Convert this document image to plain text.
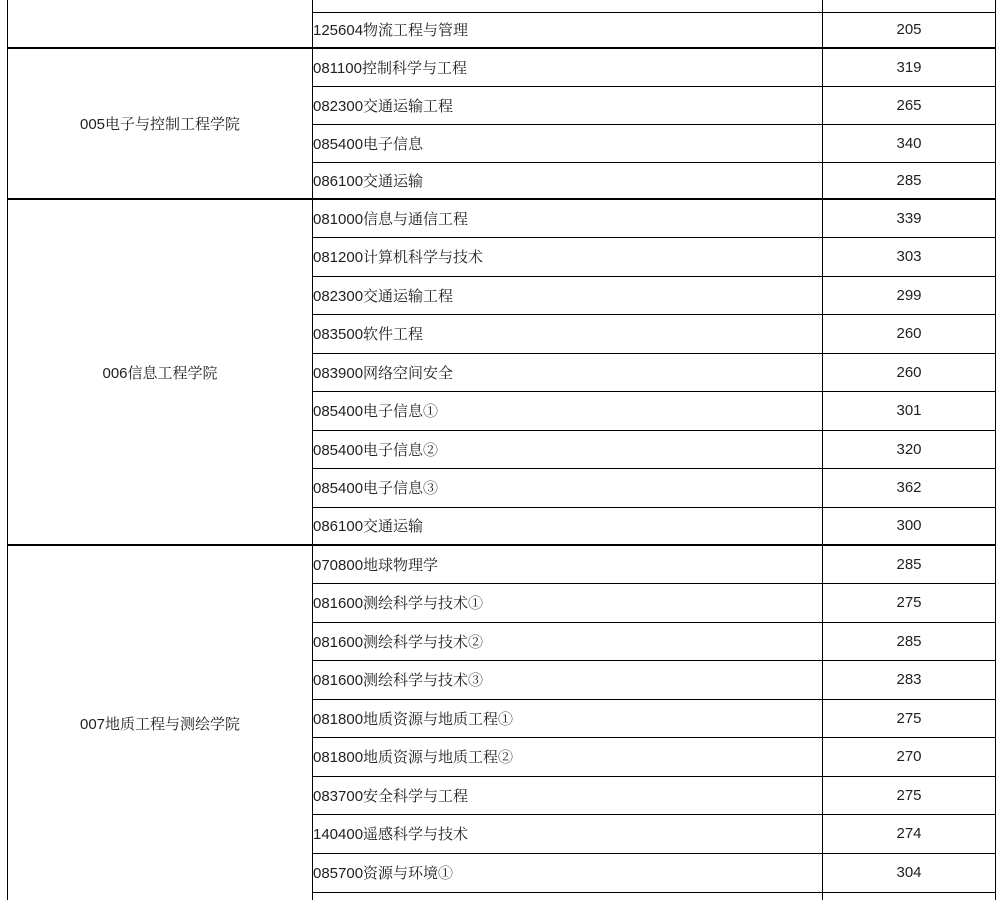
	125604物流工程与管理	205
005电子与控制工程学院	081100控制科学与工程	319
	082300交通运输工程	265
	085400电子信息	340
	086100交通运输	285
006信息工程学院	081000信息与通信工程	339
	081200计算机科学与技术	303
	082300交通运输工程	299
	083500软件工程	260
	083900网络空间安全	260
	085400电子信息①	301
	085400电子信息②	320
	085400电子信息③	362
	086100交通运输	300
007地质工程与测绘学院	070800地球物理学	285
	081600测绘科学与技术①	275
	081600测绘科学与技术②	285
	081600测绘科学与技术③	283
	081800地质资源与地质工程①	275
	081800地质资源与地质工程②	270
	083700安全科学与工程	275
	140400遥感科学与技术	274
	085700资源与环境①	304
